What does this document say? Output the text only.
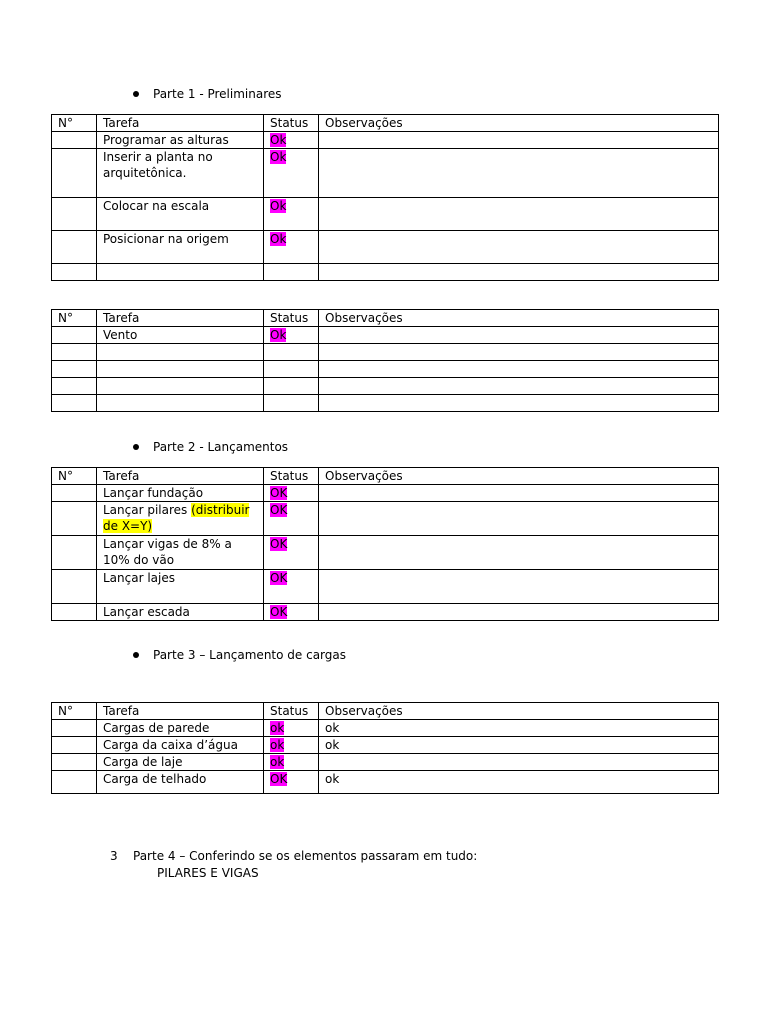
Parte 1 - Preliminares
N°	Tarefa	Status	Observações
	Programar as alturas	Ok	
	Inserir a planta no arquitetônica.	Ok	
	Colocar na escala	Ok	
	Posicionar na origem	Ok	

N°	Tarefa	Status	Observações
	Vento	Ok	

Parte 2 - Lançamentos
N°	Tarefa	Status	Observações
	Lançar fundação	OK	
	Lançar pilares (distribuir de X=Y)	OK	
	Lançar vigas de 8% a 10% do vão	OK	
	Lançar lajes	OK	
	Lançar escada	OK	
Parte 3 – Lançamento de cargas
N°	Tarefa	Status	Observações
	Cargas de parede	ok	ok
	Carga da caixa d’água	ok	ok
	Carga de laje	ok	
	Carga de telhado	OK	ok
3 Parte 4 – Conferindo se os elementos passaram em tudo:
PILARES E VIGAS
